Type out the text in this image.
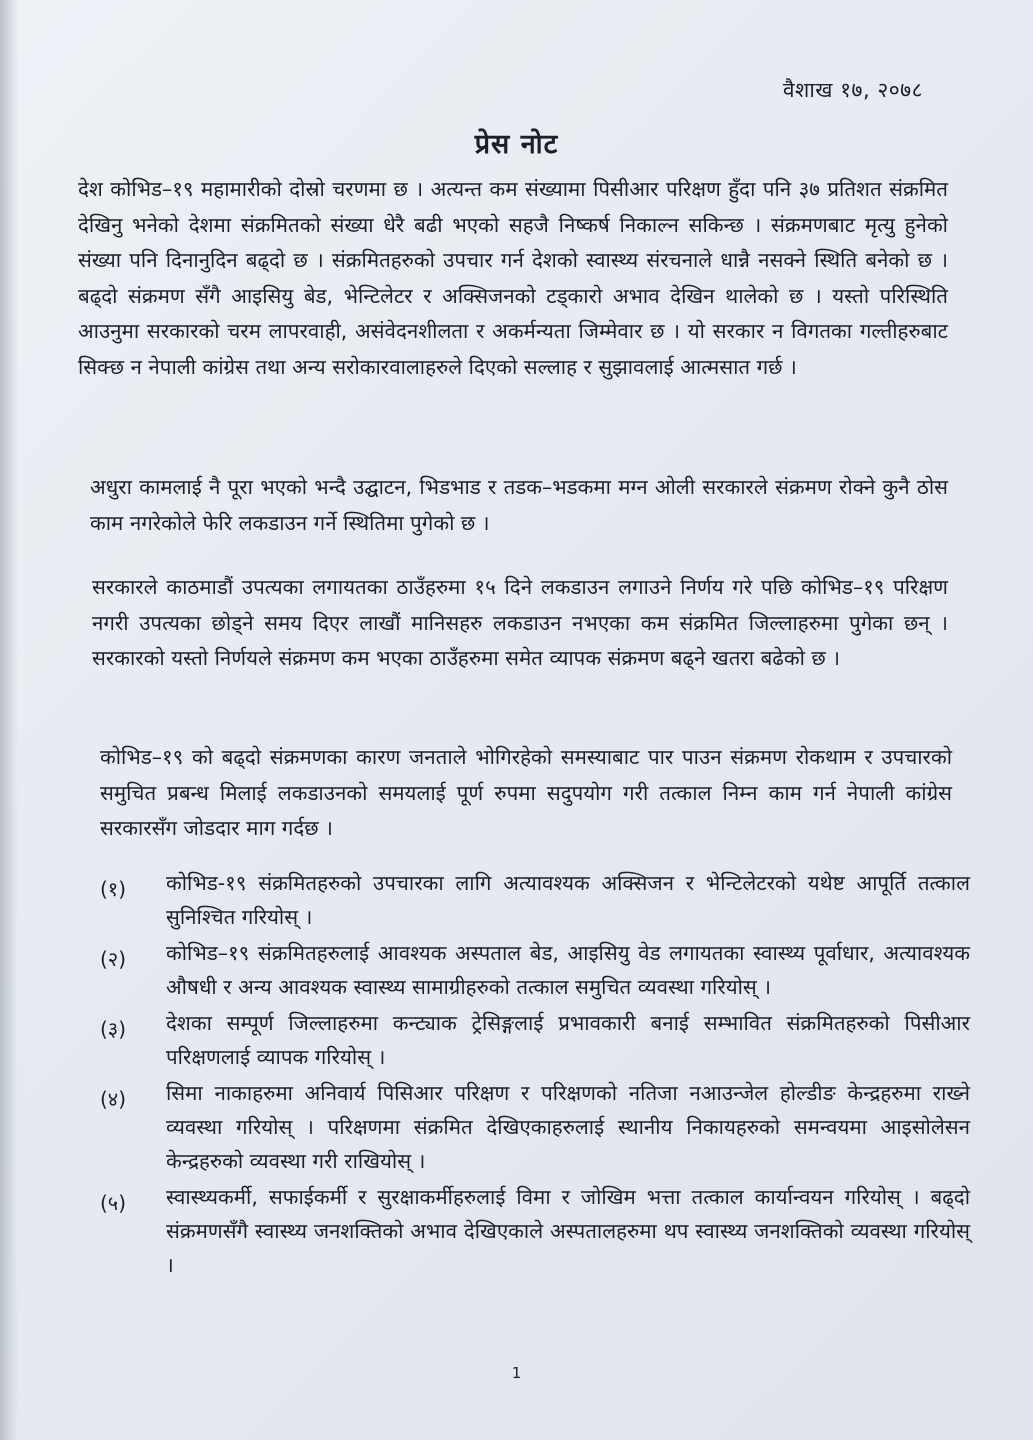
वैशाख १७, २०७८
प्रेस नोट

देश कोभिड–१९ महामारीको दोस्रो चरणमा छ । अत्यन्त कम संख्यामा पिसीआर परिक्षण हुँदा पनि ३७ प्रतिशत संक्रमित देखिनु भनेको देशमा संक्रमितको संख्या धेरै बढी भएको सहजै निष्कर्ष निकाल्न सकिन्छ । संक्रमणबाट मृत्यु हुनेको संख्या पनि दिनानुदिन बढ्दो छ । संक्रमितहरुको उपचार गर्न देशको स्वास्थ्य संरचनाले धान्नै नसक्ने स्थिति बनेको छ । बढ्दो संक्रमण सँगै आइसियु बेड, भेन्टिलेटर र अक्सिजनको टड्कारो अभाव देखिन थालेको छ । यस्तो परिस्थिति आउनुमा सरकारको चरम लापरवाही, असंवेदनशीलता र अकर्मन्यता जिम्मेवार छ । यो सरकार न विगतका गल्तीहरुबाट सिक्छ न नेपाली कांग्रेस तथा अन्य सरोकारवालाहरुले दिएको सल्लाह र सुझावलाई आत्मसात गर्छ ।

अधुरा कामलाई नै पूरा भएको भन्दै उद्घाटन, भिडभाड र तडक–भडकमा मग्न ओली सरकारले संक्रमण रोक्ने कुनै ठोस काम नगरेकोले फेरि लकडाउन गर्ने स्थितिमा पुगेको छ ।

सरकारले काठमाडौं उपत्यका लगायतका ठाउँहरुमा १५ दिने लकडाउन लगाउने निर्णय गरे पछि कोभिड–१९ परिक्षण नगरी उपत्यका छोड्ने समय दिएर लाखौं मानिसहरु लकडाउन नभएका कम संक्रमित जिल्लाहरुमा पुगेका छन् । सरकारको यस्तो निर्णयले संक्रमण कम भएका ठाउँहरुमा समेत व्यापक संक्रमण बढ्ने खतरा बढेको छ ।

कोभिड–१९ को बढ्दो संक्रमणका कारण जनताले भोगिरहेको समस्याबाट पार पाउन संक्रमण रोकथाम र उपचारको समुचित प्रबन्ध मिलाई लकडाउनको समयलाई पूर्ण रुपमा सदुपयोग गरी तत्काल निम्न काम गर्न नेपाली कांग्रेस सरकारसँग जोडदार माग गर्दछ ।

(१)	कोभिड-१९ संक्रमितहरुको उपचारका लागि अत्यावश्यक अक्सिजन र भेन्टिलेटरको यथेष्ट आपूर्ति तत्काल सुनिश्चित गरियोस् ।
(२)	कोभिड–१९ संक्रमितहरुलाई आवश्यक अस्पताल बेड, आइसियु वेड लगायतका स्वास्थ्य पूर्वाधार, अत्यावश्यक औषधी र अन्य आवश्यक स्वास्थ्य सामाग्रीहरुको तत्काल समुचित व्यवस्था गरियोस् ।
(३)	देशका सम्पूर्ण जिल्लाहरुमा कन्ट्याक ट्रेसिङ्गलाई प्रभावकारी बनाई सम्भावित संक्रमितहरुको पिसीआर परिक्षणलाई व्यापक गरियोस् ।
(४)	सिमा नाकाहरुमा अनिवार्य पिसिआर परिक्षण र परिक्षणको नतिजा नआउन्जेल होल्डीङ केन्द्रहरुमा राख्ने व्यवस्था गरियोस् । परिक्षणमा संक्रमित देखिएकाहरुलाई स्थानीय निकायहरुको समन्वयमा आइसोलेसन केन्द्रहरुको व्यवस्था गरी राखियोस् ।
(५)	स्वास्थ्यकर्मी, सफाईकर्मी र सुरक्षाकर्मीहरुलाई विमा र जोखिम भत्ता तत्काल कार्यान्वयन गरियोस् । बढ्दो संक्रमणसँगै स्वास्थ्य जनशक्तिको अभाव देखिएकाले अस्पतालहरुमा थप स्वास्थ्य जनशक्तिको व्यवस्था गरियोस् ।
1
